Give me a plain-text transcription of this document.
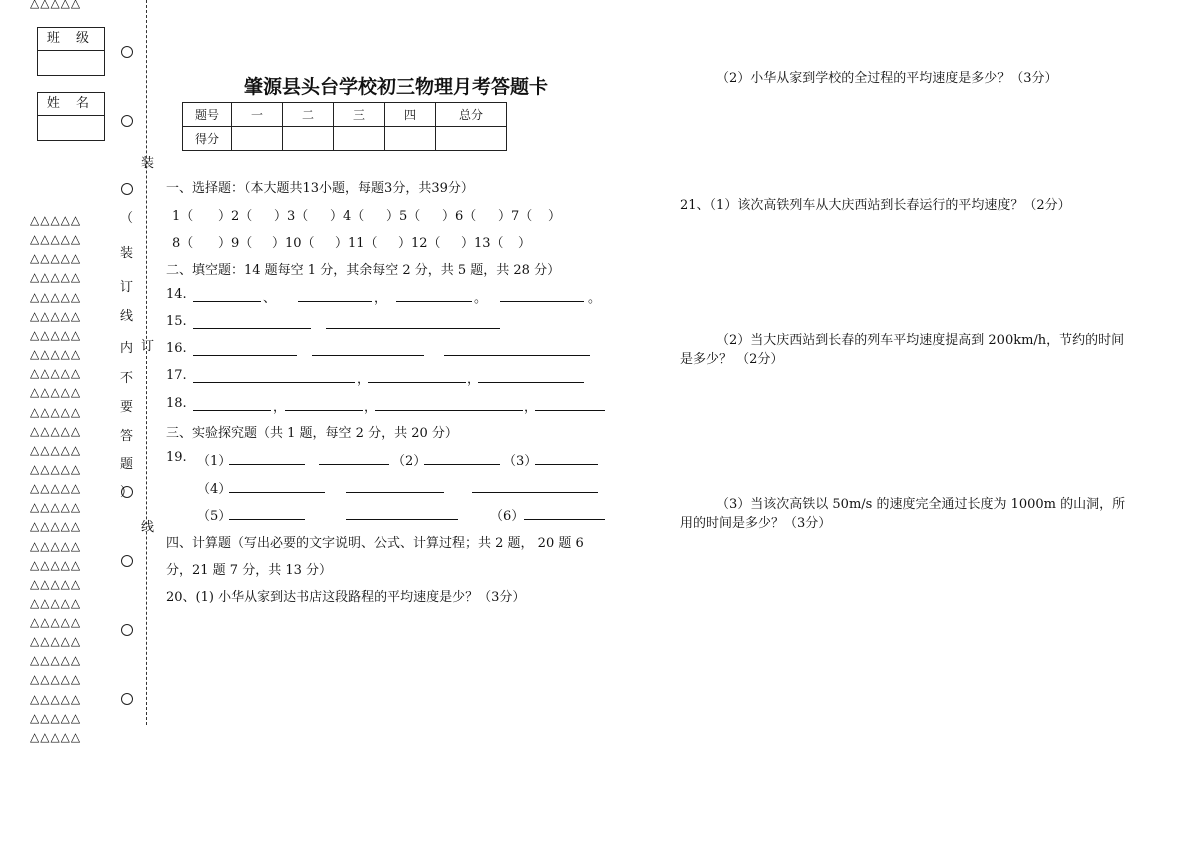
△△△△△
班 级
姓 名
△△△△△
△△△△△
△△△△△
△△△△△
△△△△△
△△△△△
△△△△△
△△△△△
△△△△△
△△△△△
△△△△△
△△△△△
△△△△△
△△△△△
△△△△△
△△△△△
△△△△△
△△△△△
△△△△△
△△△△△
△△△△△
△△△△△
△△△△△
△△△△△
△△△△△
△△△△△
△△△△△
△△△△△
（
装
订
线
内
不
要
答
题
）
装
订
线
肇源县头台学校初三物理月考答题卡
题号	一	二	三	四	总分
得分					
一、选择题：（本大题共13小题，每题3分，共39分）
1（ ）2（ ）3（ ）4（ ）5（ ）6（ ）7（ ）
8（ ）9（ ）10（ ）11（ ）12（ ）13（ ）
二、填空题：14 题每空 1 分，其余每空 2 分，共 5 题，共 28 分）
14.	、	，	。	。
15.
16.
17.	，	，
18.	，	，	，
三、实验探究题（共 1 题，每空 2 分，共 20 分）
19. （1）	（2）	（3）
（4）
（5）	（6）
四、计算题（写出必要的文字说明、公式、计算过程；共 2 题， 20 题 6
分，21 题 7 分，共 13 分）
20、(1) 小华从家到达书店这段路程的平均速度是少？（3分）
（2）小华从家到学校的全过程的平均速度是多少？（3分）
21、（1）该次高铁列车从大庆西站到长春运行的平均速度？（2分）
（2）当大庆西站到长春的列车平均速度提高到 200km/h，节约的时间
是多少？ （2分）
（3）当该次高铁以 50m/s 的速度完全通过长度为 1000m 的山洞，所
用的时间是多少？（3分）
